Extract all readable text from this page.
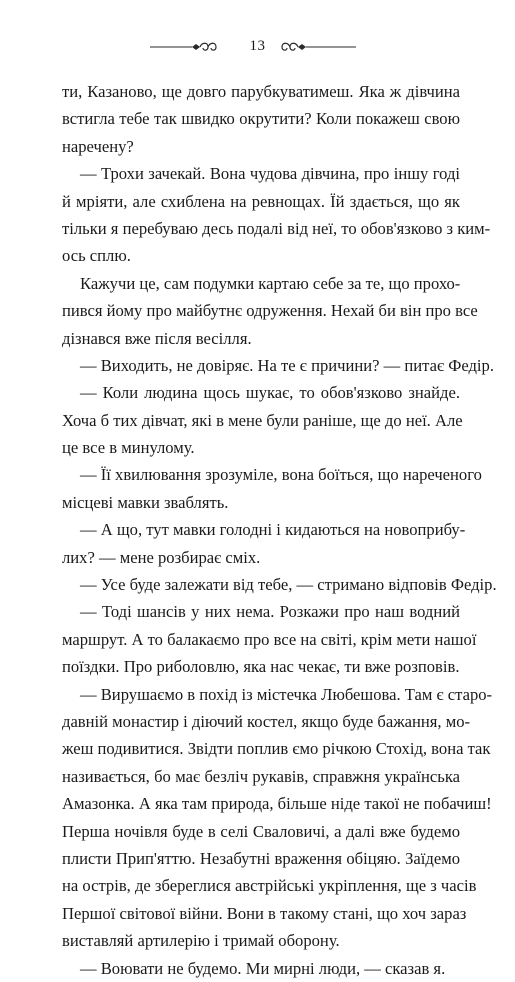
13
ти, Казаново, ще довго парубкуватимеш. Яка ж дівчина
встигла тебе так швидко окрутити? Коли покажеш свою
наречену?
— Трохи зачекай. Вона чудова дівчина, про іншу годі
й мріяти, але схиблена на ревнощах. Їй здається, що як
тільки я перебуваю десь подалі від неї, то обов'язково з ким-
ось сплю.
Кажучи це, сам подумки картаю себе за те, що прохо-
пився йому про майбутнє одруження. Нехай би він про все
дізнався вже після весілля.
— Виходить, не довіряє. На те є причини? — питає Федір.
— Коли людина щось шукає, то обов'язково знайде.
Хоча б тих дівчат, які в мене були раніше, ще до неї. Але
це все в минулому.
— Її хвилювання зрозуміле, вона боїться, що нареченого
місцеві мавки зваблять.
— А що, тут мавки голодні і кидаються на новоприбу-
лих? — мене розбирає сміх.
— Усе буде залежати від тебе, — стримано відповів Федір.
— Тоді шансів у них нема. Розкажи про наш водний
маршрут. А то балакаємо про все на світі, крім мети нашої
поїздки. Про риболовлю, яка нас чекає, ти вже розповів.
— Вирушаємо в похід із містечка Любешова. Там є старо-
давній монастир і діючий костел, якщо буде бажання, мо-
жеш подивитися. Звідти поплив ємо річкою Стохід, вона так
називається, бо має безліч рукавів, справжня українська
Амазонка. А яка там природа, більше ніде такої не побачиш!
Перша ночівля буде в селі Сваловичі, а далі вже будемо
плисти Прип'яттю. Незабутні враження обіцяю. Заїдемо
на острів, де збереглися австрійські укріплення, ще з часів
Першої світової війни. Вони в такому стані, що хоч зараз
виставляй артилерію і тримай оборону.
— Воювати не будемо. Ми мирні люди, — сказав я.
